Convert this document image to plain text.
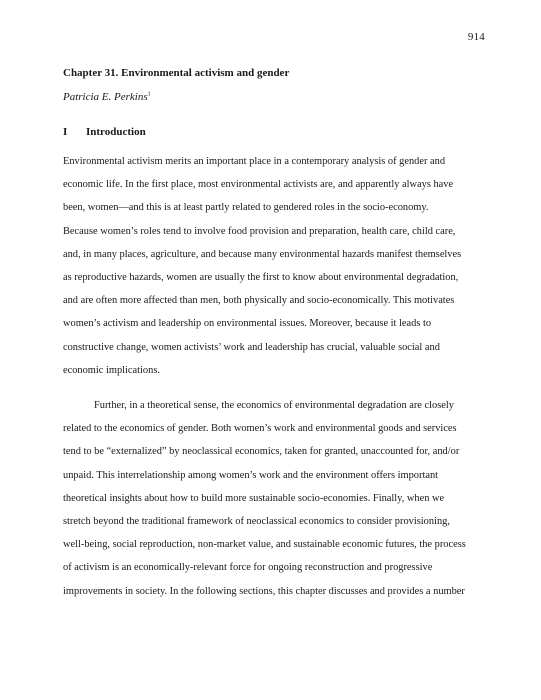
914
Chapter 31. Environmental activism and gender
Patricia E. Perkins$^1$
I Introduction
Environmental activism merits an important place in a contemporary analysis of gender and
economic life. In the first place, most environmental activists are, and apparently always have
been, women—and this is at least partly related to gendered roles in the socio-economy.
Because women’s roles tend to involve food provision and preparation, health care, child care,
and, in many places, agriculture, and because many environmental hazards manifest themselves
as reproductive hazards, women are usually the first to know about environmental degradation,
and are often more affected than men, both physically and socio-economically. This motivates
women’s activism and leadership on environmental issues. Moreover, because it leads to
constructive change, women activists’ work and leadership has crucial, valuable social and
economic implications.
Further, in a theoretical sense, the economics of environmental degradation are closely
related to the economics of gender. Both women’s work and environmental goods and services
tend to be “externalized” by neoclassical economics, taken for granted, unaccounted for, and/or
unpaid. This interrelationship among women’s work and the environment offers important
theoretical insights about how to build more sustainable socio-economies. Finally, when we
stretch beyond the traditional framework of neoclassical economics to consider provisioning,
well-being, social reproduction, non-market value, and sustainable economic futures, the process
of activism is an economically-relevant force for ongoing reconstruction and progressive
improvements in society. In the following sections, this chapter discusses and provides a number
